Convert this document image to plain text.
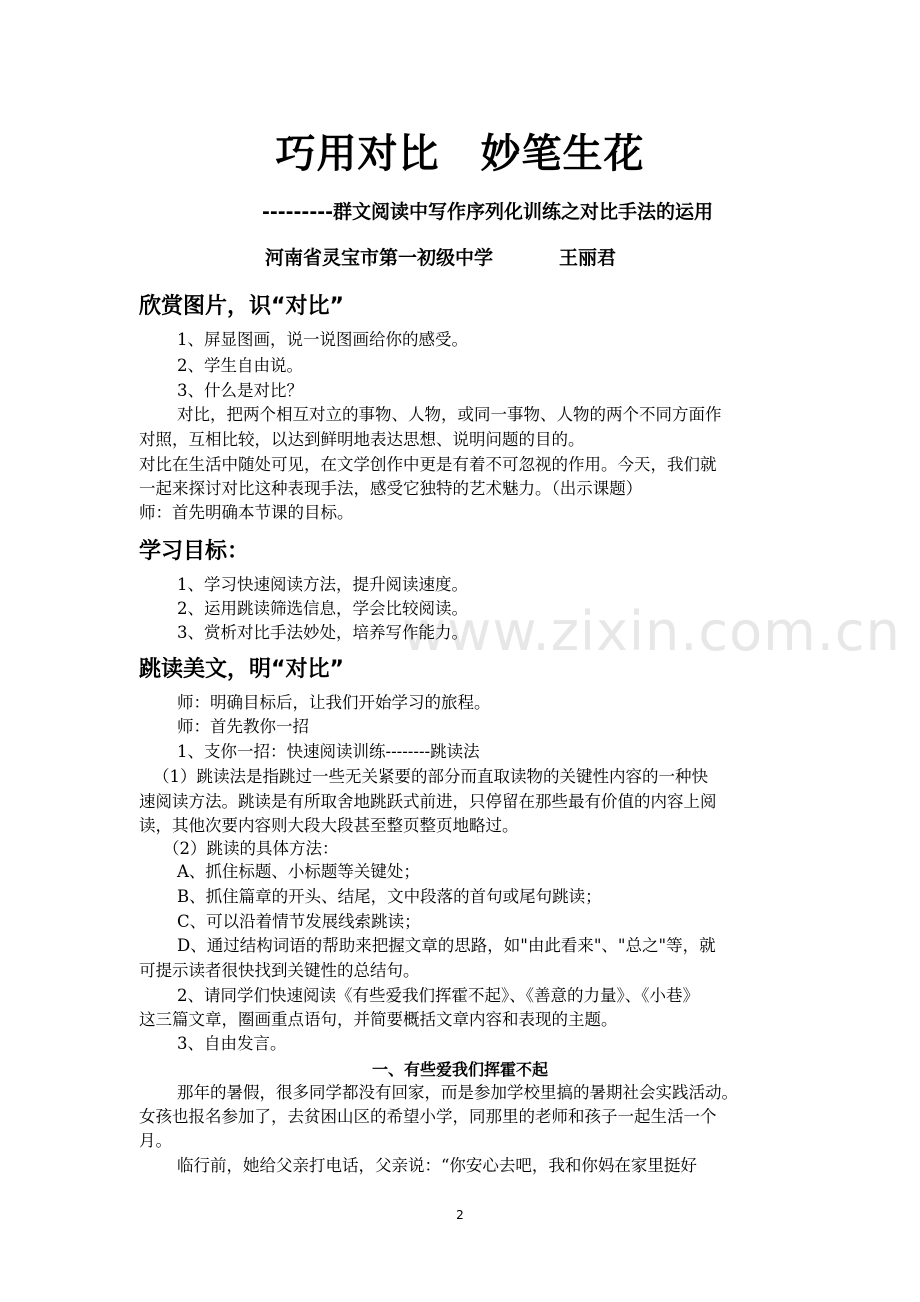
www.zixin.com.cn
巧用对比　妙笔生花
---------群文阅读中写作序列化训练之对比手法的运用
河南省灵宝市第一初级中学	王丽君
欣赏图片，识“对比”
1、屏显图画，说一说图画给你的感受。
2、学生自由说。
3、什么是对比？
对比，把两个相互对立的事物、人物，或同一事物、人物的两个不同方面作
对照，互相比较，以达到鲜明地表达思想、说明问题的目的。
对比在生活中随处可见，在文学创作中更是有着不可忽视的作用。今天，我们就
一起来探讨对比这种表现手法，感受它独特的艺术魅力。（出示课题）
师：首先明确本节课的目标。
学习目标：
1、学习快速阅读方法，提升阅读速度。
2、运用跳读筛选信息，学会比较阅读。
3、赏析对比手法妙处，培养写作能力。
跳读美文，明“对比”
师：明确目标后，让我们开始学习的旅程。
师：首先教你一招
1、支你一招：快速阅读训练--------跳读法
（1）跳读法是指跳过一些无关紧要的部分而直取读物的关键性内容的一种快
速阅读方法。跳读是有所取舍地跳跃式前进，只停留在那些最有价值的内容上阅
读，其他次要内容则大段大段甚至整页整页地略过。
（2）跳读的具体方法：
A、抓住标题、小标题等关键处；
B、抓住篇章的开头、结尾，文中段落的首句或尾句跳读；
C、可以沿着情节发展线索跳读；
D、通过结构词语的帮助来把握文章的思路，如"由此看来"、"总之"等，就
可提示读者很快找到关键性的总结句。
2、请同学们快速阅读《有些爱我们挥霍不起》、《善意的力量》、《小巷》
这三篇文章，圈画重点语句，并简要概括文章内容和表现的主题。
3、自由发言。
一、有些爱我们挥霍不起
那年的暑假，很多同学都没有回家，而是参加学校里搞的暑期社会实践活动。
女孩也报名参加了，去贫困山区的希望小学，同那里的老师和孩子一起生活一个
月。
临行前，她给父亲打电话，父亲说：“你安心去吧，我和你妈在家里挺好
2
